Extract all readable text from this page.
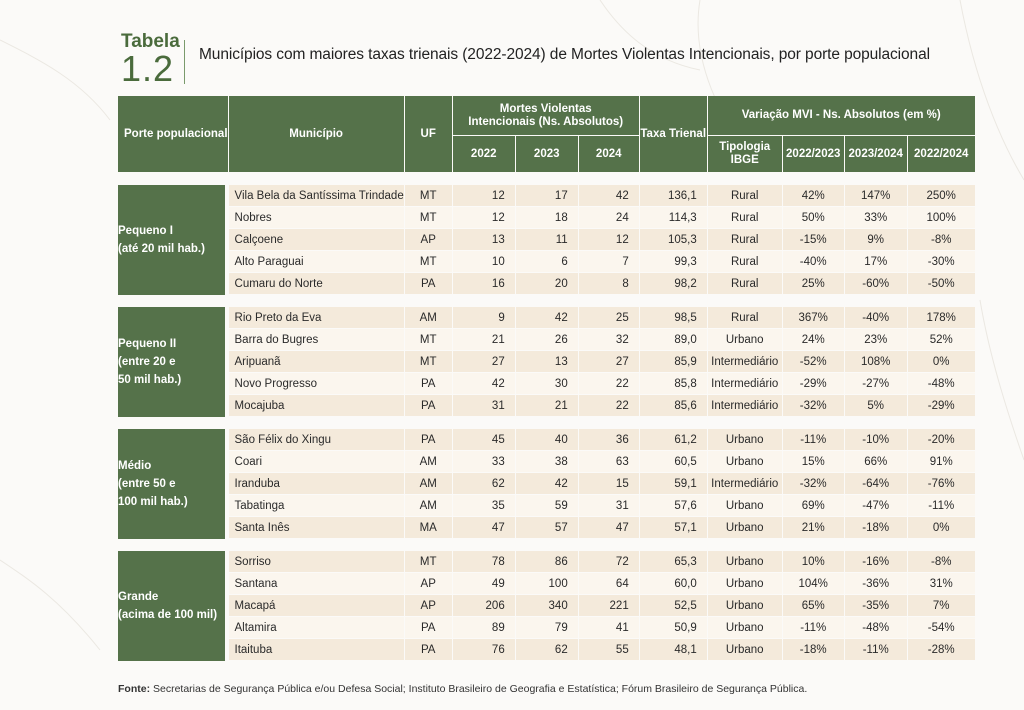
Tabela
1.2	Municípios com maiores taxas trienais (2022-2024) de Mortes Violentas Intencionais, por porte populacional
Porte populacional	Município	UF	Mortes Violentas Intencionais (Ns. Absolutos)			Taxa Trienal	Variação MVI - Ns. Absolutos (em %)			
			2022	2023	2024		Tipologia IBGE	2022/2023	2023/2024	2022/2024

Pequeno I
(até 20 mil hab.)	Vila Bela da Santíssima Trindade	MT	12	17	42	136,1	Rural	42%	147%	250%
	Nobres	MT	12	18	24	114,3	Rural	50%	33%	100%
	Calçoene	AP	13	11	12	105,3	Rural	-15%	9%	-8%
	Alto Paraguai	MT	10	6	7	99,3	Rural	-40%	17%	-30%
	Cumaru do Norte	PA	16	20	8	98,2	Rural	25%	-60%	-50%

Pequeno II
(entre 20 e
50 mil hab.)	Rio Preto da Eva	AM	9	42	25	98,5	Rural	367%	-40%	178%
	Barra do Bugres	MT	21	26	32	89,0	Urbano	24%	23%	52%
	Aripuanã	MT	27	13	27	85,9	Intermediário	-52%	108%	0%
	Novo Progresso	PA	42	30	22	85,8	Intermediário	-29%	-27%	-48%
	Mocajuba	PA	31	21	22	85,6	Intermediário	-32%	5%	-29%

Médio
(entre 50 e
100 mil hab.)	São Félix do Xingu	PA	45	40	36	61,2	Urbano	-11%	-10%	-20%
	Coari	AM	33	38	63	60,5	Urbano	15%	66%	91%
	Iranduba	AM	62	42	15	59,1	Intermediário	-32%	-64%	-76%
	Tabatinga	AM	35	59	31	57,6	Urbano	69%	-47%	-11%
	Santa Inês	MA	47	57	47	57,1	Urbano	21%	-18%	0%

Grande
(acima de 100 mil)	Sorriso	MT	78	86	72	65,3	Urbano	10%	-16%	-8%
	Santana	AP	49	100	64	60,0	Urbano	104%	-36%	31%
	Macapá	AP	206	340	221	52,5	Urbano	65%	-35%	7%
	Altamira	PA	89	79	41	50,9	Urbano	-11%	-48%	-54%
	Itaituba	PA	76	62	55	48,1	Urbano	-18%	-11%	-28%
Fonte: Secretarias de Segurança Pública e/ou Defesa Social; Instituto Brasileiro de Geografia e Estatística; Fórum Brasileiro de Segurança Pública.
